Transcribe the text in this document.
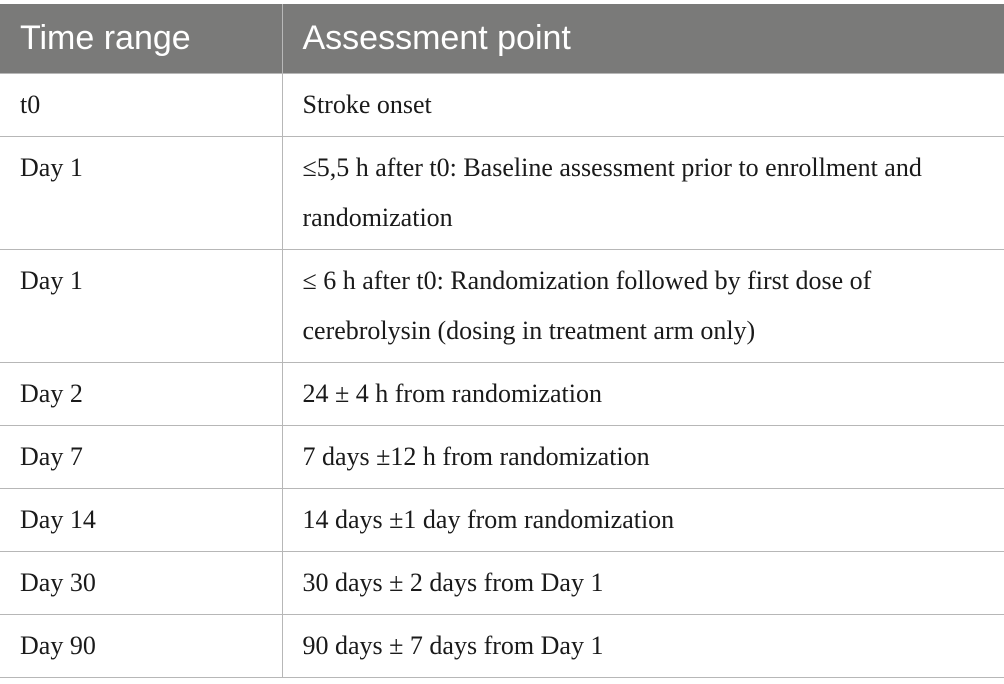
Time range	Assessment point
t0	Stroke onset
Day 1	≤5,5 h after t0: Baseline assessment prior to enrollment and randomization
Day 1	≤ 6 h after t0: Randomization followed by first dose of cerebrolysin (dosing in treatment arm only)
Day 2	24 ± 4 h from randomization
Day 7	7 days ±12 h from randomization
Day 14	14 days ±1 day from randomization
Day 30	30 days ± 2 days from Day 1
Day 90	90 days ± 7 days from Day 1
